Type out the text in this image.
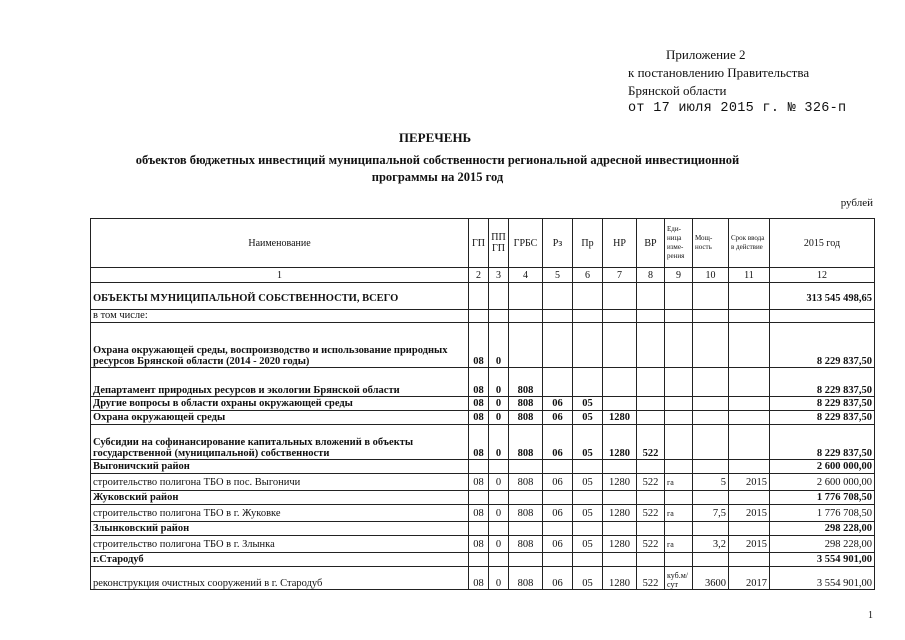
Приложение 2
к постановлению Правительства
Брянской области
от 17 июля 2015 г. № 326-п
ПЕРЕЧЕНЬ
объектов бюджетных инвестиций муниципальной собственности региональной адресной инвестиционной
программы на 2015 год
рублей
Наименование	ГП	ПП ГП	ГРБС	Рз	Пр	НР	ВР	Еди-ница изме-рения	Мощ-ность	Срок ввода в действие	2015 год
1	2	3	4	5	6	7	8	9	10	11	12
ОБЪЕКТЫ МУНИЦИПАЛЬНОЙ СОБСТВЕННОСТИ, ВСЕГО											313 545 498,65
в том числе:											
Охрана окружающей среды, воспроизводство и использование природных ресурсов Брянской области (2014 - 2020 годы)	08	0									8 229 837,50
Департамент природных ресурсов и экологии Брянской области	08	0	808								8 229 837,50
Другие вопросы в области охраны окружающей среды	08	0	808	06	05						8 229 837,50
Охрана окружающей среды	08	0	808	06	05	1280					8 229 837,50
Субсидии на софинансирование капитальных вложений в объекты государственной (муниципальной) собственности	08	0	808	06	05	1280	522				8 229 837,50
Выгоничский район											2 600 000,00
строительство полигона ТБО в пос. Выгоничи	08	0	808	06	05	1280	522	га	5	2015	2 600 000,00
Жуковский район											1 776 708,50
строительство полигона ТБО в г. Жуковке	08	0	808	06	05	1280	522	га	7,5	2015	1 776 708,50
Злынковский район											298 228,00
строительство полигона ТБО в г. Злынка	08	0	808	06	05	1280	522	га	3,2	2015	298 228,00
г.Стародуб											3 554 901,00
реконструкция очистных сооружений в г. Стародуб	08	0	808	06	05	1280	522	куб.м/сут	3600	2017	3 554 901,00
1
